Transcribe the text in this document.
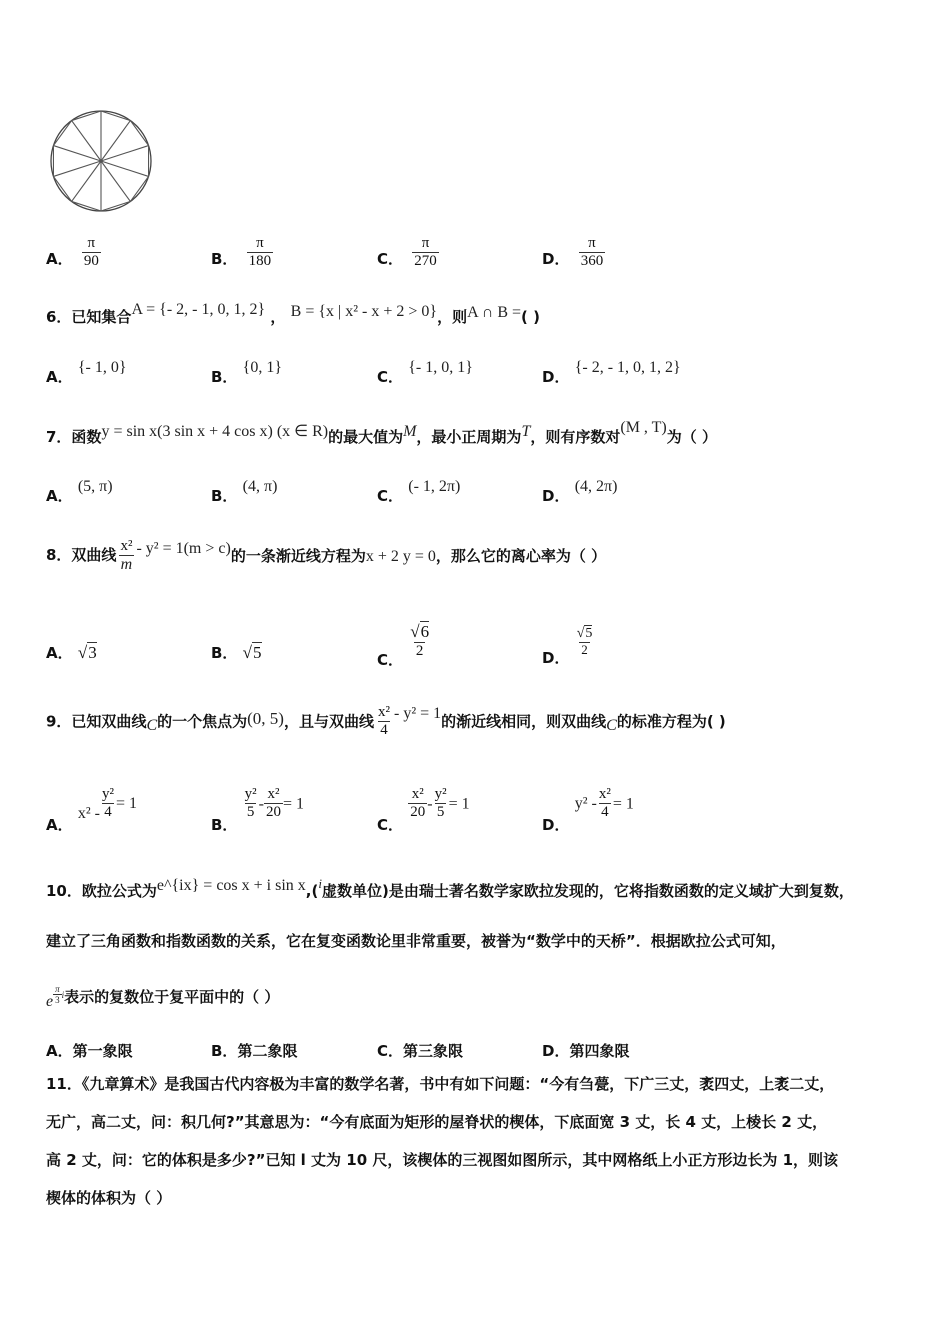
A． $\frac{\pi}{90}$	B． $\frac{\pi}{180}$	C． $\frac{\pi}{270}$	D． $\frac{\pi}{360}$
6．已知集合A = {- 2, - 1, 0, 1, 2} ， B = {x | x² - x + 2 > 0}，则A ∩ B =( )
A． {- 1, 0}
B． {0, 1}
C． {- 1, 0, 1}
D． {- 2, - 1, 0, 1, 2}
7．函数y = sin x(3 sin x + 4 cos x) (x ∈ R)的最大值为M，最小正周期为T，则有序数对(M , T)为（ ）
A． (5, π)
B． (4, π)
C． (- 1, 2π)
D． (4, 2π)
8．双曲线 $\frac{\text{x²}}{m} - y^2 = 1(m > c)$的一条渐近线方程为x + 2 y = 0，那么它的离心率为（ ）
A． √3	B． √5	C．
$\frac{√6}{2}$	D． $\frac{√5}{2}$
9．已知双曲线C的一个焦点为(0, 5)，且与双曲线 $\frac{\text{x²}}{4} - y^2 = 1$的渐近线相同，则双曲线C的标准方程为( )
A． $x^2 - \frac{\text{y²}}{4} = 1$
B．
$\frac{\text{y²}}{5} - \frac{\text{x²}}{20} = 1$
C．
$\frac{\text{x²}}{20} - \frac{\text{y²}}{5} = 1$
D． $y^2 - \frac{\text{x²}}{4} = 1$
10．欧拉公式为e^{ix} = cos x + i sin x,(i虚数单位)是由瑞士著名数学家欧拉发现的，它将指数函数的定义域扩大到复数，
建立了三角函数和指数函数的关系，它在复变函数论里非常重要，被誉为“数学中的天桥”．根据欧拉公式可知，
e $\frac{\pi}{3}$ i 表示的复数位于复平面中的（ ）
A．第一象限	B．第二象限	C．第三象限	D．第四象限
11．《九章算术》是我国古代内容极为丰富的数学名著，书中有如下问题：“今有刍甍，下广三丈，袤四丈，上袤二丈，
无广，高二丈，问：积几何?”其意思为：“今有底面为矩形的屋脊状的楔体，下底面宽 3 丈，长 4 丈，上棱长 2 丈，
高 2 丈，问：它的体积是多少?”已知 l 丈为 10 尺，该楔体的三视图如图所示，其中网格纸上小正方形边长为 1，则该
楔体的体积为（ ）
